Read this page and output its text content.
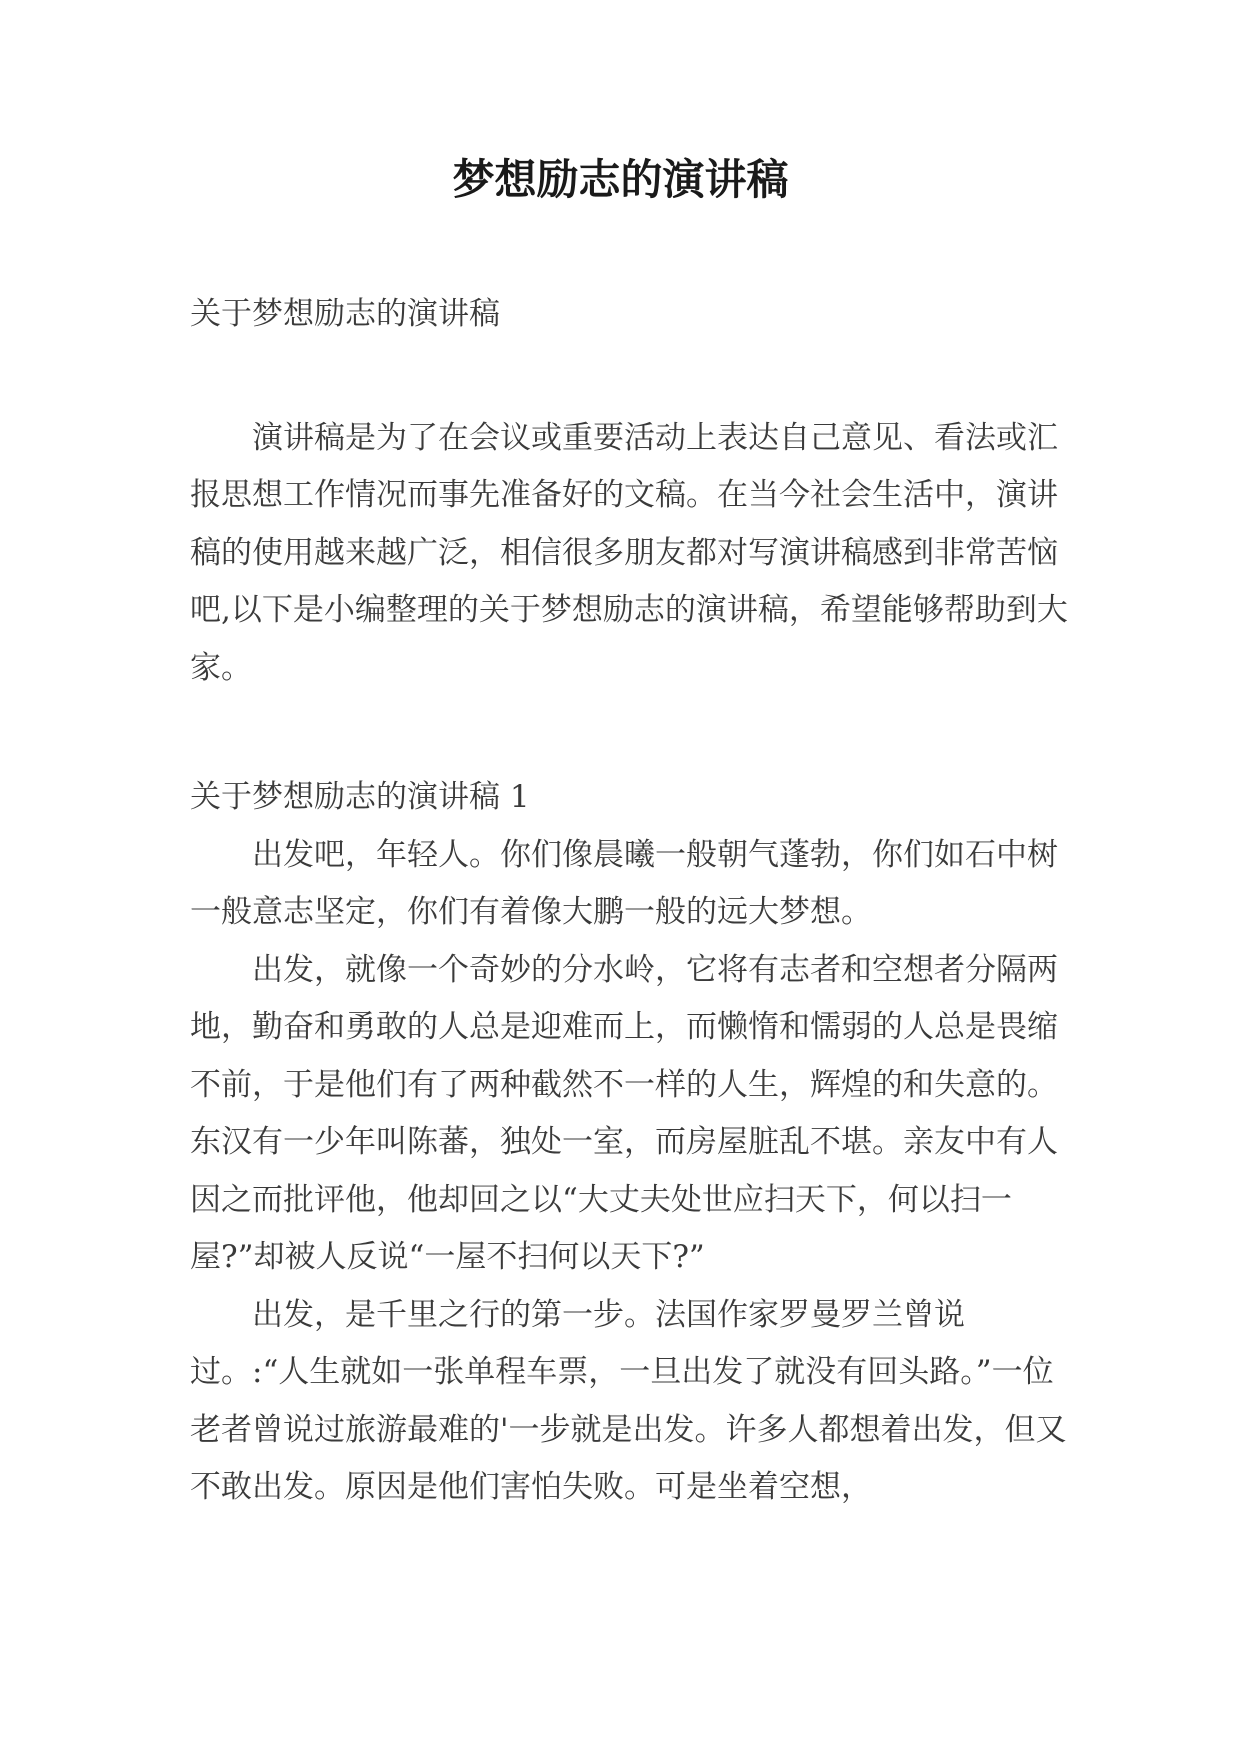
梦想励志的演讲稿

关于梦想励志的演讲稿

演讲稿是为了在会议或重要活动上表达自己意见、看法或汇报思想工作情况而事先准备好的文稿。在当今社会生活中，演讲稿的使用越来越广泛，相信很多朋友都对写演讲稿感到非常苦恼吧,以下是小编整理的关于梦想励志的演讲稿，希望能够帮助到大家。

关于梦想励志的演讲稿 1

出发吧，年轻人。你们像晨曦一般朝气蓬勃，你们如石中树一般意志坚定，你们有着像大鹏一般的远大梦想。

出发，就像一个奇妙的分水岭，它将有志者和空想者分隔两地，勤奋和勇敢的人总是迎难而上，而懒惰和懦弱的人总是畏缩不前，于是他们有了两种截然不一样的人生，辉煌的和失意的。东汉有一少年叫陈蕃，独处一室，而房屋脏乱不堪。亲友中有人因之而批评他，他却回之以“大丈夫处世应扫天下，何以扫一屋?”却被人反说“一屋不扫何以天下?”

出发，是千里之行的第一步。法国作家罗曼罗兰曾说过。:“人生就如一张单程车票，一旦出发了就没有回头路。”一位老者曾说过旅游最难的'一步就是出发。许多人都想着出发，但又不敢出发。原因是他们害怕失败。可是坐着空想，
